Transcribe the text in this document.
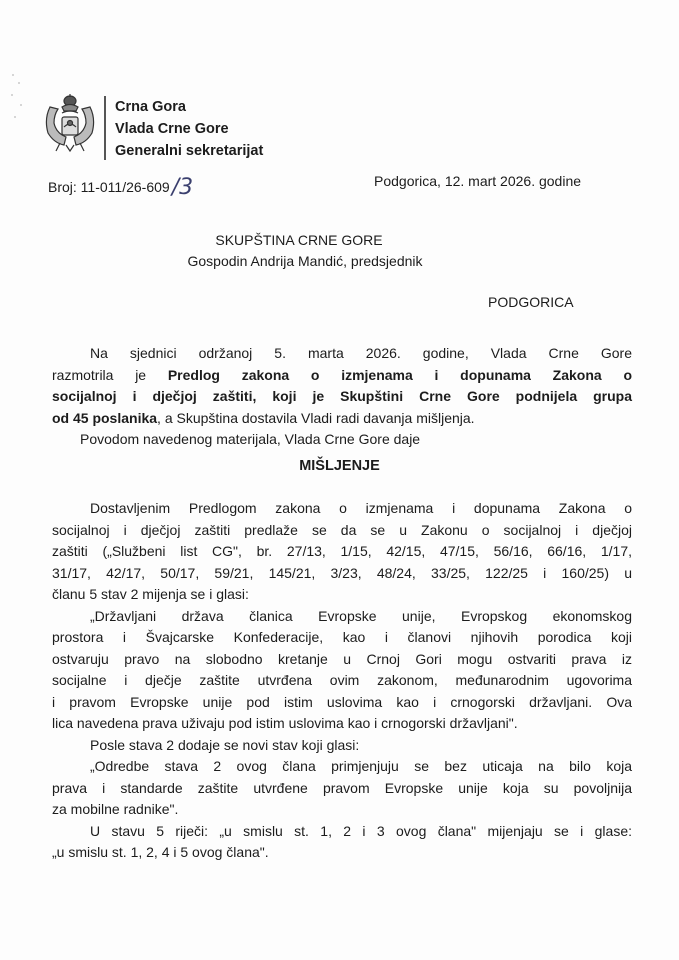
Crna Gora
Vlada Crne Gore
Generalni sekretarijat
Broj: 11-011/26-609/3	Podgorica, 12. mart 2026. godine
SKUPŠTINA CRNE GORE
Gospodin Andrija Mandić, predsjednik
PODGORICA
Na sjednici održanoj 5. marta 2026. godine, Vlada Crne Gore
razmotrila je Predlog zakona o izmjenama i dopunama Zakona o
socijalnoj i dječjoj zaštiti, koji je Skupštini Crne Gore podnijela grupa
od 45 poslanika, a Skupština dostavila Vladi radi davanja mišljenja.
Povodom navedenog materijala, Vlada Crne Gore daje
MIŠLJENJE
Dostavljenim Predlogom zakona o izmjenama i dopunama Zakona o
socijalnoj i dječjoj zaštiti predlaže se da se u Zakonu o socijalnoj i dječjoj
zaštiti („Službeni list CG", br. 27/13, 1/15, 42/15, 47/15, 56/16, 66/16, 1/17,
31/17, 42/17, 50/17, 59/21, 145/21, 3/23, 48/24, 33/25, 122/25 i 160/25) u
članu 5 stav 2 mijenja se i glasi:
„Državljani država članica Evropske unije, Evropskog ekonomskog
prostora i Švajcarske Konfederacije, kao i članovi njihovih porodica koji
ostvaruju pravo na slobodno kretanje u Crnoj Gori mogu ostvariti prava iz
socijalne i dječje zaštite utvrđena ovim zakonom, međunarodnim ugovorima
i pravom Evropske unije pod istim uslovima kao i crnogorski državljani. Ova
lica navedena prava uživaju pod istim uslovima kao i crnogorski državljani".
Posle stava 2 dodaje se novi stav koji glasi:
„Odredbe stava 2 ovog člana primjenjuju se bez uticaja na bilo koja
prava i standarde zaštite utvrđene pravom Evropske unije koja su povoljnija
za mobilne radnike".
U stavu 5 riječi: „u smislu st. 1, 2 i 3 ovog člana" mijenjaju se i glase:
„u smislu st. 1, 2, 4 i 5 ovog člana".
